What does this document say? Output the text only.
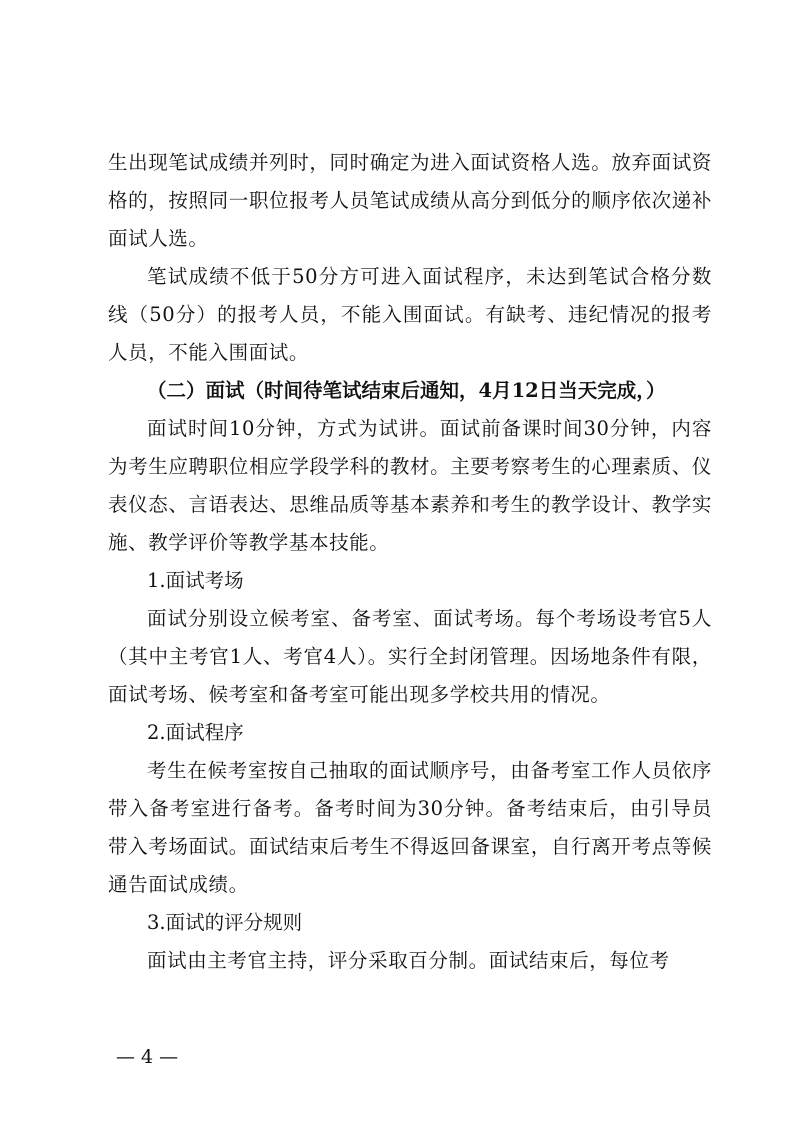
生出现笔试成绩并列时，同时确定为进入面试资格人选。放弃面试资格的，按照同一职位报考人员笔试成绩从高分到低分的顺序依次递补面试人选。

笔试成绩不低于50分方可进入面试程序，未达到笔试合格分数线（50分）的报考人员，不能入围面试。有缺考、违纪情况的报考人员，不能入围面试。

（二）面试（时间待笔试结束后通知，4月12日当天完成，）

面试时间10分钟，方式为试讲。面试前备课时间30分钟，内容为考生应聘职位相应学段学科的教材。主要考察考生的心理素质、仪表仪态、言语表达、思维品质等基本素养和考生的教学设计、教学实施、教学评价等教学基本技能。

1.面试考场

面试分别设立候考室、备考室、面试考场。每个考场设考官5人（其中主考官1人、考官4人）。实行全封闭管理。因场地条件有限，面试考场、候考室和备考室可能出现多学校共用的情况。

2.面试程序

考生在候考室按自己抽取的面试顺序号，由备考室工作人员依序带入备考室进行备考。备考时间为30分钟。备考结束后，由引导员带入考场面试。面试结束后考生不得返回备课室，自行离开考点等候通告面试成绩。

3.面试的评分规则

面试由主考官主持，评分采取百分制。面试结束后，每位考

— 4 —
